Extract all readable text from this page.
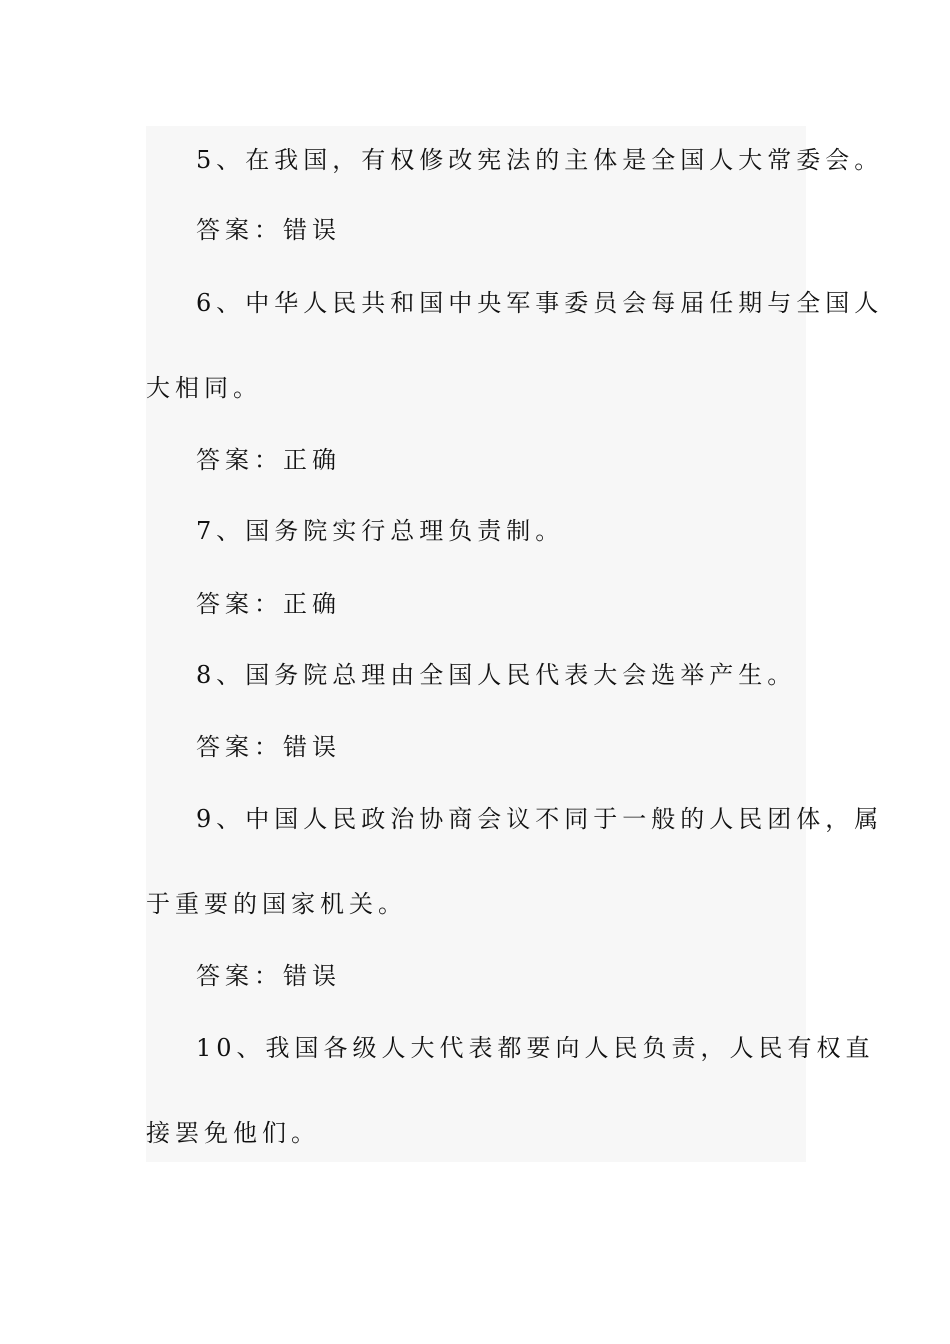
5、在我国，有权修改宪法的主体是全国人大常委会。
答案：错误
6、中华人民共和国中央军事委员会每届任期与全国人
大相同。
答案：正确
7、国务院实行总理负责制。
答案：正确
8、国务院总理由全国人民代表大会选举产生。
答案：错误
9、中国人民政治协商会议不同于一般的人民团体，属
于重要的国家机关。
答案：错误
10、我国各级人大代表都要向人民负责，人民有权直
接罢免他们。
